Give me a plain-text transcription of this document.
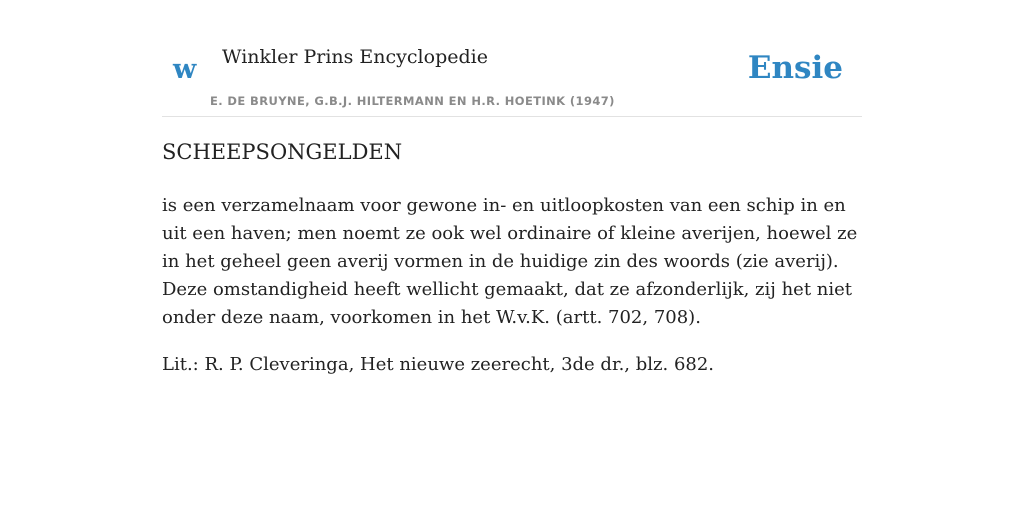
w Winkler Prins Encyclopedie
E. DE BRUYNE, G.B.J. HILTERMANN EN H.R. HOETINK (1947)
Ensie
SCHEEPSONGELDEN

is een verzamelnaam voor gewone in- en uitloopkosten van een schip in en uit een haven; men noemt ze ook wel ordinaire of kleine averijen, hoewel ze in het geheel geen averij vormen in de huidige zin des woords (zie averij). Deze omstandigheid heeft wellicht gemaakt, dat ze afzonderlijk, zij het niet onder deze naam, voorkomen in het W.v.K. (artt. 702, 708).

Lit.: R. P. Cleveringa, Het nieuwe zeerecht, 3de dr., blz. 682.
